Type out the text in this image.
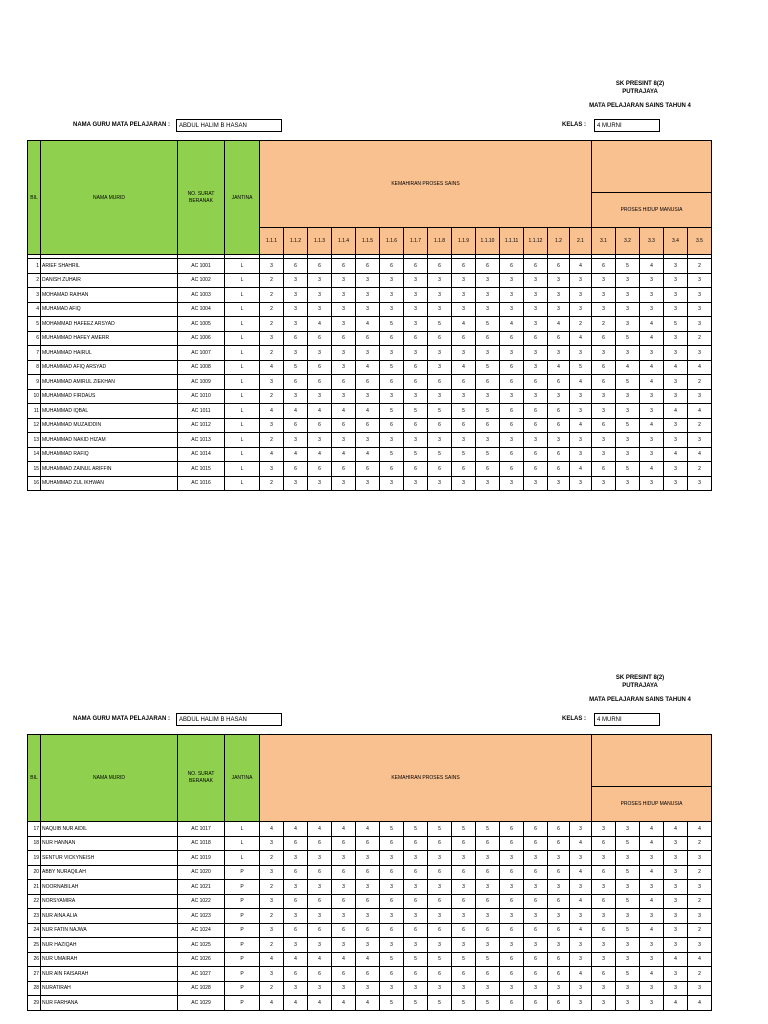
SK PRESINT 8(2)
PUTRAJAYA
MATA PELAJARAN SAINS TAHUN 4
NAMA GURU MATA PELAJARAN :	ABDUL HALIM B HASAN	KELAS :	4 MURNI
BIL	NAMA MURID	NO. SURAT BERANAK	JANTINA	KEMAHIRAN PROSES SAINS																		
																		PROSES HIDUP MANUSIA				
				1.1.1	1.1.2	1.1.3	1.1.4	1.1.5	1.1.6	1.1.7	1.1.8	1.1.9	1.1.10	1.1.11	1.1.12	1.2	2.1	3.1	3.2	3.3	3.4	3.5

1	ARIEF SHAHRIL	AC 1001	L	3	6	6	6	6	6	6	6	6	6	6	6	6	4	6	5	4	3	2
2	DANISH ZUHAIR	AC 1002	L	2	3	3	3	3	3	3	3	3	3	3	3	3	3	3	3	3	3	3
3	MOHAMAD RAIHAN	AC 1003	L	2	3	3	3	3	3	3	3	3	3	3	3	3	3	3	3	3	3	3
4	MUHAMAD AFIQ	AC 1004	L	2	3	3	3	3	3	3	3	3	3	3	3	3	3	3	3	3	3	3
5	MOHAMMAD HAFEEZ ARSYAD	AC 1005	L	2	3	4	3	4	5	3	5	4	5	4	3	4	2	2	3	4	5	3
6	MUHAMMAD HAFEY AMERR	AC 1006	L	3	6	6	6	6	6	6	6	6	6	6	6	6	4	6	5	4	3	2
7	MUHAMMAD HAIRUL	AC 1007	L	2	3	3	3	3	3	3	3	3	3	3	3	3	3	3	3	3	3	3
8	MUHAMMAD AFIQ ARSYAD	AC 1008	L	4	5	6	3	4	5	6	3	4	5	6	3	4	5	6	4	4	4	4
9	MUHAMMAD AMIRUL ZIEKHAN	AC 1009	L	3	6	6	6	6	6	6	6	6	6	6	6	6	4	6	5	4	3	2
10	MUHAMMAD FIRDAUS	AC 1010	L	2	3	3	3	3	3	3	3	3	3	3	3	3	3	3	3	3	3	3
11	MUHAMMAD IQBAL	AC 1011	L	4	4	4	4	4	5	5	5	5	5	6	6	6	3	3	3	3	4	4
12	MUHAMMAD MUZAIDDIN	AC 1012	L	3	6	6	6	6	6	6	6	6	6	6	6	6	4	6	5	4	3	2
13	MUHAMMAD NAKID HIZAM	AC 1013	L	2	3	3	3	3	3	3	3	3	3	3	3	3	3	3	3	3	3	3
14	MUHAMMAD RAFIQ	AC 1014	L	4	4	4	4	4	5	5	5	5	5	6	6	6	3	3	3	3	4	4
15	MUHAMMAD ZAINUL ARIFFIN	AC 1015	L	3	6	6	6	6	6	6	6	6	6	6	6	6	4	6	5	4	3	2
16	MUHAMMAD ZUL IKHWAN	AC 1016	L	2	3	3	3	3	3	3	3	3	3	3	3	3	3	3	3	3	3	3
SK PRESINT 8(2)
PUTRAJAYA
MATA PELAJARAN SAINS TAHUN 4
NAMA GURU MATA PELAJARAN :	ABDUL HALIM B HASAN	KELAS :	4 MURNI
BIL	NAMA MURID	NO. SURAT BERANAK	JANTINA	KEMAHIRAN PROSES SAINS																		
																		PROSES HIDUP MANUSIA				
17	NAQUIB NUR AIDIL	AC 1017	L	4	4	4	4	4	5	5	5	5	5	6	6	6	3	3	3	4	4	4
18	NUR HANNAN	AC 1018	L	3	6	6	6	6	6	6	6	6	6	6	6	6	4	6	5	4	3	2
19	SENTUR VICKYNEISH	AC 1019	L	2	3	3	3	3	3	3	3	3	3	3	3	3	3	3	3	3	3	3
20	ABBY NURAQILAH	AC 1020	P	3	6	6	6	6	6	6	6	6	6	6	6	6	4	6	5	4	3	2
21	NOORNABILAH	AC 1021	P	2	3	3	3	3	3	3	3	3	3	3	3	3	3	3	3	3	3	3
22	NORSYAMIRA	AC 1022	P	3	6	6	6	6	6	6	6	6	6	6	6	6	4	6	5	4	3	2
23	NUR AINA ALIA	AC 1023	P	2	3	3	3	3	3	3	3	3	3	3	3	3	3	3	3	3	3	3
24	NUR FATIN NAJWA	AC 1024	P	3	6	6	6	6	6	6	6	6	6	6	6	6	4	6	5	4	3	2
25	NUR HAZIQAH	AC 1025	P	2	3	3	3	3	3	3	3	3	3	3	3	3	3	3	3	3	3	3
26	NUR UMAIRAH	AC 1026	P	4	4	4	4	4	5	5	5	5	5	6	6	6	3	3	3	3	4	4
27	NUR AIN FAISARAH	AC 1027	P	3	6	6	6	6	6	6	6	6	6	6	6	6	4	6	5	4	3	2
28	NURATIRAH	AC 1028	P	2	3	3	3	3	3	3	3	3	3	3	3	3	3	3	3	3	3	3
29	NUR FARHANA	AC 1029	P	4	4	4	4	4	5	5	5	5	5	6	6	6	3	3	3	3	4	4
